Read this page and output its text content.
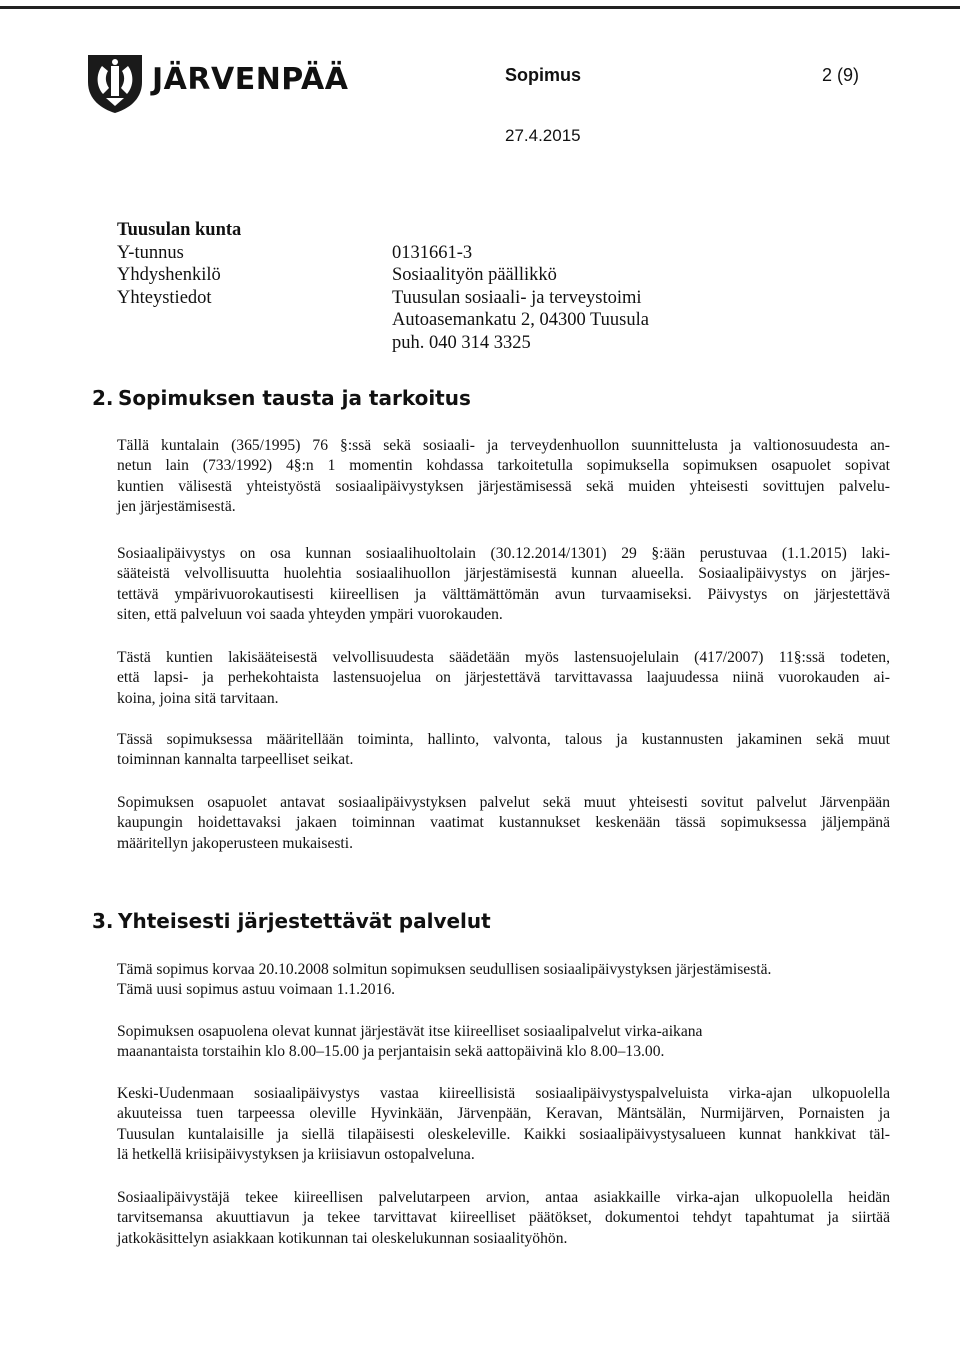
JÄRVENPÄÄ	Sopimus	2 (9)
27.4.2015
Tuusulan kunta
Y-tunnus	0131661-3
Yhdyshenkilö	Sosiaalityön päällikkö
Yhteystiedot	Tuusulan sosiaali- ja terveystoimi
Autoasemankatu 2, 04300 Tuusula
puh. 040 314 3325
2. Sopimuksen tausta ja tarkoitus

Tällä kuntalain (365/1995) 76 §:ssä sekä sosiaali- ja terveydenhuollon suunnittelusta ja valtionosuudesta an-
netun lain (733/1992) 4§:n 1 momentin kohdassa tarkoitetulla sopimuksella sopimuksen osapuolet sopivat
kuntien välisestä yhteistyöstä sosiaalipäivystyksen järjestämisessä sekä muiden yhteisesti sovittujen palvelu-
jen järjestämisestä.

Sosiaalipäivystys on osa kunnan sosiaalihuoltolain (30.12.2014/1301) 29 §:ään perustuvaa (1.1.2015) laki-
sääteistä velvollisuutta huolehtia sosiaalihuollon järjestämisestä kunnan alueella. Sosiaalipäivystys on järjes-
tettävä ympärivuorokautisesti kiireellisen ja välttämättömän avun turvaamiseksi. Päivystys on järjestettävä
siten, että palveluun voi saada yhteyden ympäri vuorokauden.

Tästä kuntien lakisääteisestä velvollisuudesta säädetään myös lastensuojelulain (417/2007) 11§:ssä todeten,
että lapsi- ja perhekohtaista lastensuojelua on järjestettävä tarvittavassa laajuudessa niinä vuorokauden ai-
koina, joina sitä tarvitaan.

Tässä sopimuksessa määritellään toiminta, hallinto, valvonta, talous ja kustannusten jakaminen sekä muut
toiminnan kannalta tarpeelliset seikat.

Sopimuksen osapuolet antavat sosiaalipäivystyksen palvelut sekä muut yhteisesti sovitut palvelut Järvenpään
kaupungin hoidettavaksi jakaen toiminnan vaatimat kustannukset keskenään tässä sopimuksessa jäljempänä
määritellyn jakoperusteen mukaisesti.

3. Yhteisesti järjestettävät palvelut

Tämä sopimus korvaa 20.10.2008 solmitun sopimuksen seudullisen sosiaalipäivystyksen järjestämisestä.
Tämä uusi sopimus astuu voimaan 1.1.2016.

Sopimuksen osapuolena olevat kunnat järjestävät itse kiireelliset sosiaalipalvelut virka-aikana
maanantaista torstaihin klo 8.00–15.00 ja perjantaisin sekä aattopäivinä klo 8.00–13.00.

Keski-Uudenmaan sosiaalipäivystys vastaa kiireellisistä sosiaalipäivystyspalveluista virka-ajan ulkopuolella
akuuteissa tuen tarpeessa oleville Hyvinkään, Järvenpään, Keravan, Mäntsälän, Nurmijärven, Pornaisten ja
Tuusulan kuntalaisille ja siellä tilapäisesti oleskeleville. Kaikki sosiaalipäivystysalueen kunnat hankkivat täl-
lä hetkellä kriisipäivystyksen ja kriisiavun ostopalveluna.

Sosiaalipäivystäjä tekee kiireellisen palvelutarpeen arvion, antaa asiakkaille virka-ajan ulkopuolella heidän
tarvitsemansa akuuttiavun ja tekee tarvittavat kiireelliset päätökset, dokumentoi tehdyt tapahtumat ja siirtää
jatkokäsittelyn asiakkaan kotikunnan tai oleskelukunnan sosiaalityöhön.
